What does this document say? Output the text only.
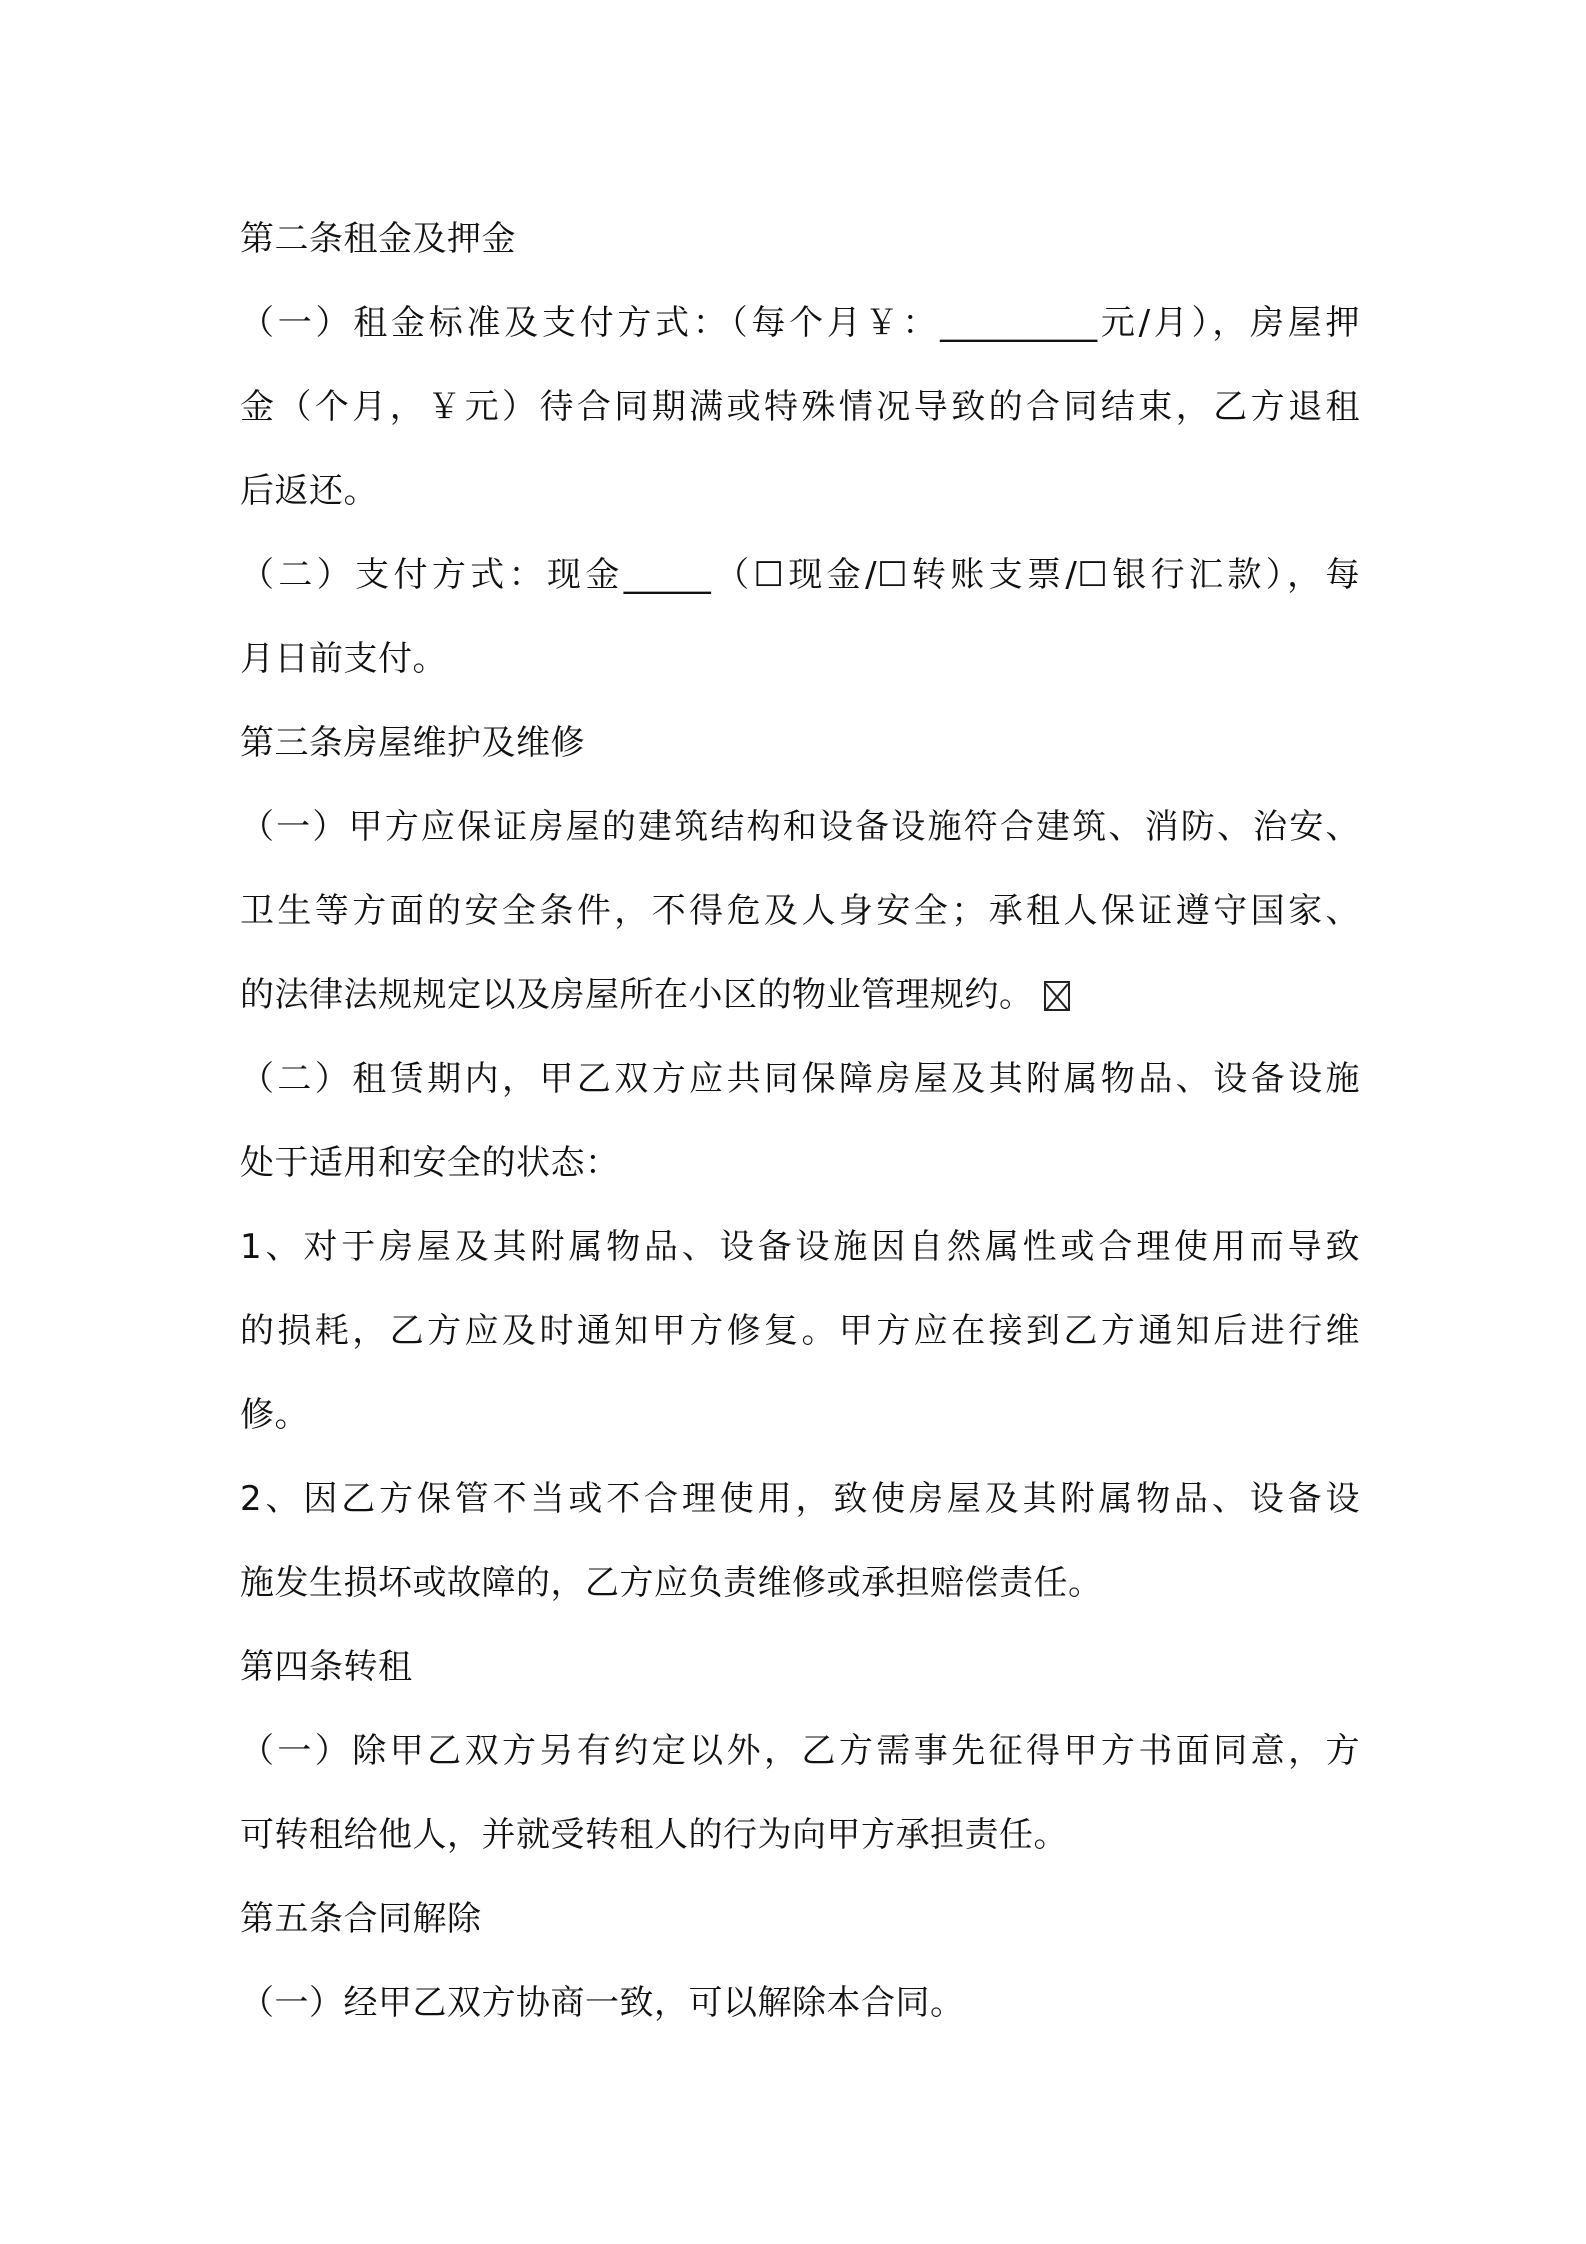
第二条租金及押金
（一）租金标准及支付方式：（每个月￥：_________元/月），房屋押
金（个月，￥元）待合同期满或特殊情况导致的合同结束，乙方退租
后返还。
（二）支付方式：现金_____（☐现金/☐转账支票/☐银行汇款），每
月日前支付。
第三条房屋维护及维修
（一）甲方应保证房屋的建筑结构和设备设施符合建筑、消防、治安、
卫生等方面的安全条件，不得危及人身安全；承租人保证遵守国家、
的法律法规规定以及房屋所在小区的物业管理规约。
（二）租赁期内，甲乙双方应共同保障房屋及其附属物品、设备设施
处于适用和安全的状态：
1、对于房屋及其附属物品、设备设施因自然属性或合理使用而导致
的损耗，乙方应及时通知甲方修复。甲方应在接到乙方通知后进行维
修。
2、因乙方保管不当或不合理使用，致使房屋及其附属物品、设备设
施发生损坏或故障的，乙方应负责维修或承担赔偿责任。
第四条转租
（一）除甲乙双方另有约定以外，乙方需事先征得甲方书面同意，方
可转租给他人，并就受转租人的行为向甲方承担责任。
第五条合同解除
（一）经甲乙双方协商一致，可以解除本合同。
